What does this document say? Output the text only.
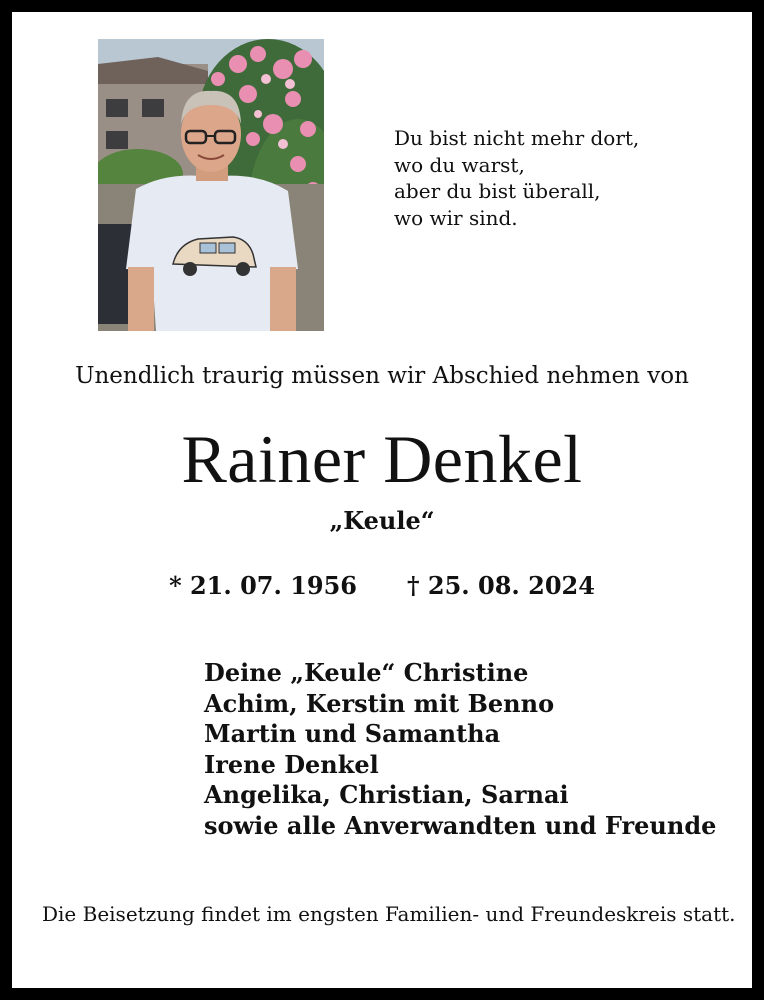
Du bist nicht mehr dort,
wo du warst,
aber du bist überall,
wo wir sind.
Unendlich traurig müssen wir Abschied nehmen von
Rainer Denkel
„Keule“
* 21. 07. 1956 † 25. 08. 2024
Deine „Keule“ Christine
Achim, Kerstin mit Benno
Martin und Samantha
Irene Denkel
Angelika, Christian, Sarnai
sowie alle Anverwandten und Freunde
Die Beisetzung findet im engsten Familien- und Freundeskreis statt.
